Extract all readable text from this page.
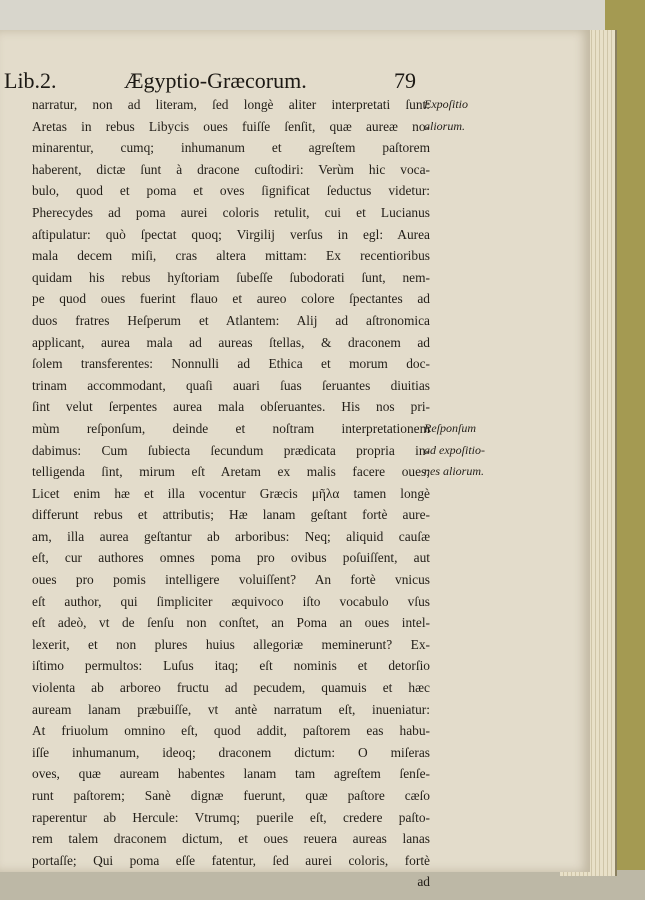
Lib.2.	Ægyptio-Græcorum.	79
narratur, non ad literam, ſed longè aliter interpretati ſunt:
Aretas in rebus Libycis oues fuiſſe ſenſit, quæ aureæ no-
minarentur, cumq; inhumanum et agreſtem paſtorem
haberent, dictæ ſunt à dracone cuſtodiri: Verùm hic voca-
bulo, quod et poma et oves ſignificat ſeductus videtur:
Pherecydes ad poma aurei coloris retulit, cui et Lucianus
aſtipulatur: quò ſpectat quoq; Virgilij verſus in egl: Aurea
mala decem miſi, cras altera mittam: Ex recentioribus
quidam his rebus hyſtoriam ſubeſſe ſubodorati ſunt, nem-
pe quod oues fuerint flauo et aureo colore ſpectantes ad
duos fratres Heſperum et Atlantem: Alij ad aſtronomica
applicant, aurea mala ad aureas ſtellas, & draconem ad
ſolem transferentes: Nonnulli ad Ethica et morum doc-
trinam accommodant, quaſi auari ſuas ſeruantes diuitias
ſint velut ſerpentes aurea mala obſeruantes. His nos pri-
mùm reſponſum, deinde et noſtram interpretationem
dabimus: Cum ſubiecta ſecundum prædicata propria in-
telligenda ſint, mirum eſt Aretam ex malis facere oues;
Licet enim hæ et illa vocentur Græcis μῆλα tamen longè
differunt rebus et attributis; Hæ lanam geſtant fortè aure-
am, illa aurea geſtantur ab arboribus: Neq; aliquid cauſæ
eſt, cur authores omnes poma pro ovibus poſuiſſent, aut
oues pro pomis intelligere voluiſſent? An fortè vnicus
eſt author, qui ſimpliciter æquivoco iſto vocabulo vſus
eſt adeò, vt de ſenſu non conſtet, an Poma an oues intel-
lexerit, et non plures huius allegoriæ meminerunt? Ex-
iſtimo permultos: Luſus itaq; eſt nominis et detorſio
violenta ab arboreo fructu ad pecudem, quamuis et hæc
auream lanam præbuiſſe, vt antè narratum eſt, inueniatur:
At friuolum omnino eſt, quod addit, paſtorem eas habu-
iſſe inhumanum, ideoq; draconem dictum: O miſeras
oves, quæ auream habentes lanam tam agreſtem ſenſe-
runt paſtorem; Sanè dignæ fuerunt, quæ paſtore cæſo
raperentur ab Hercule: Vtrumq; puerile eſt, credere paſto-
rem talem draconem dictum, et oues reuera aureas lanas
portaſſe; Qui poma eſſe fatentur, ſed aurei coloris, fortè
ad
Expoſitio
aliorum.
Reſponſum
ad expoſitio-
nes aliorum.
